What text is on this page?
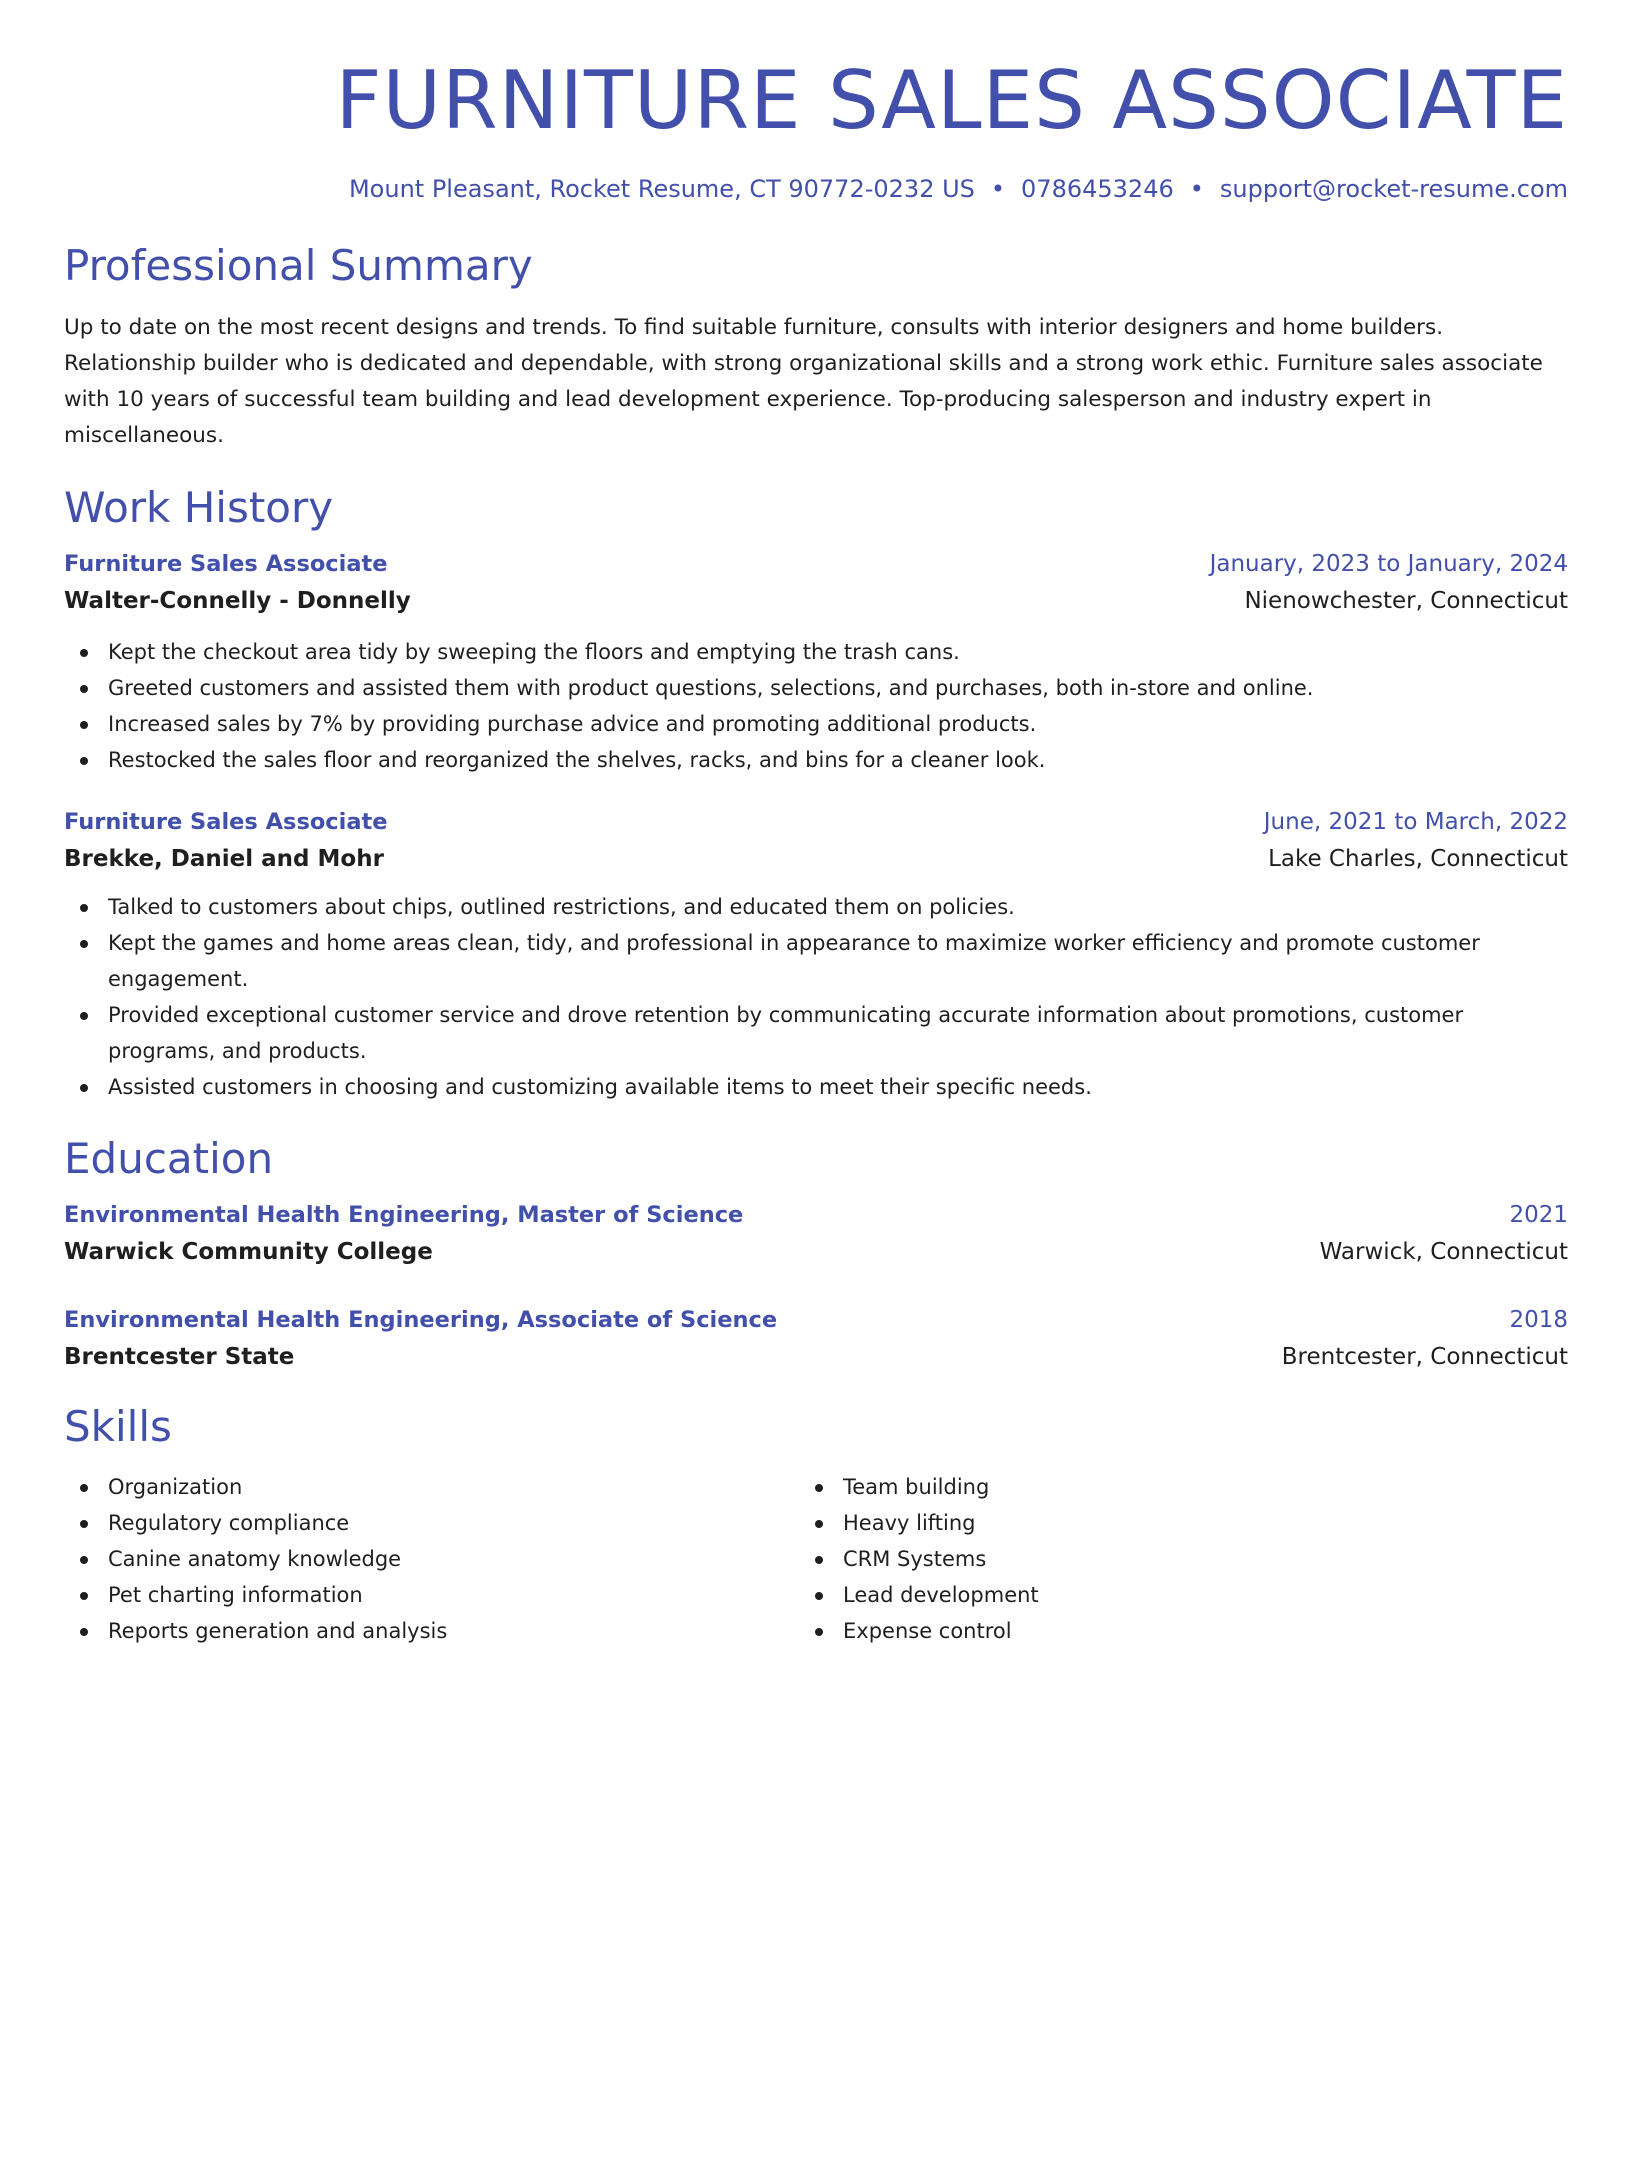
FURNITURE SALES ASSOCIATE
Mount Pleasant, Rocket Resume, CT 90772-0232 US • 0786453246 • support@rocket-resume.com
Professional Summary
Up to date on the most recent designs and trends. To find suitable furniture, consults with interior designers and home builders. Relationship builder who is dedicated and dependable, with strong organizational skills and a strong work ethic. Furniture sales associate with 10 years of successful team building and lead development experience. Top-producing salesperson and industry expert in miscellaneous.
Work History
Furniture Sales Associate	January, 2023 to January, 2024
Walter-Connelly - Donnelly	Nienowchester, Connecticut
Kept the checkout area tidy by sweeping the floors and emptying the trash cans.
Greeted customers and assisted them with product questions, selections, and purchases, both in-store and online.
Increased sales by 7% by providing purchase advice and promoting additional products.
Restocked the sales floor and reorganized the shelves, racks, and bins for a cleaner look.
Furniture Sales Associate	June, 2021 to March, 2022
Brekke, Daniel and Mohr	Lake Charles, Connecticut
Talked to customers about chips, outlined restrictions, and educated them on policies.
Kept the games and home areas clean, tidy, and professional in appearance to maximize worker efficiency and promote customer engagement.
Provided exceptional customer service and drove retention by communicating accurate information about promotions, customer programs, and products.
Assisted customers in choosing and customizing available items to meet their specific needs.
Education
Environmental Health Engineering, Master of Science	2021
Warwick Community College	Warwick, Connecticut
Environmental Health Engineering, Associate of Science	2018
Brentcester State	Brentcester, Connecticut
Skills
Organization
Regulatory compliance
Canine anatomy knowledge
Pet charting information
Reports generation and analysis
Team building
Heavy lifting
CRM Systems
Lead development
Expense control
